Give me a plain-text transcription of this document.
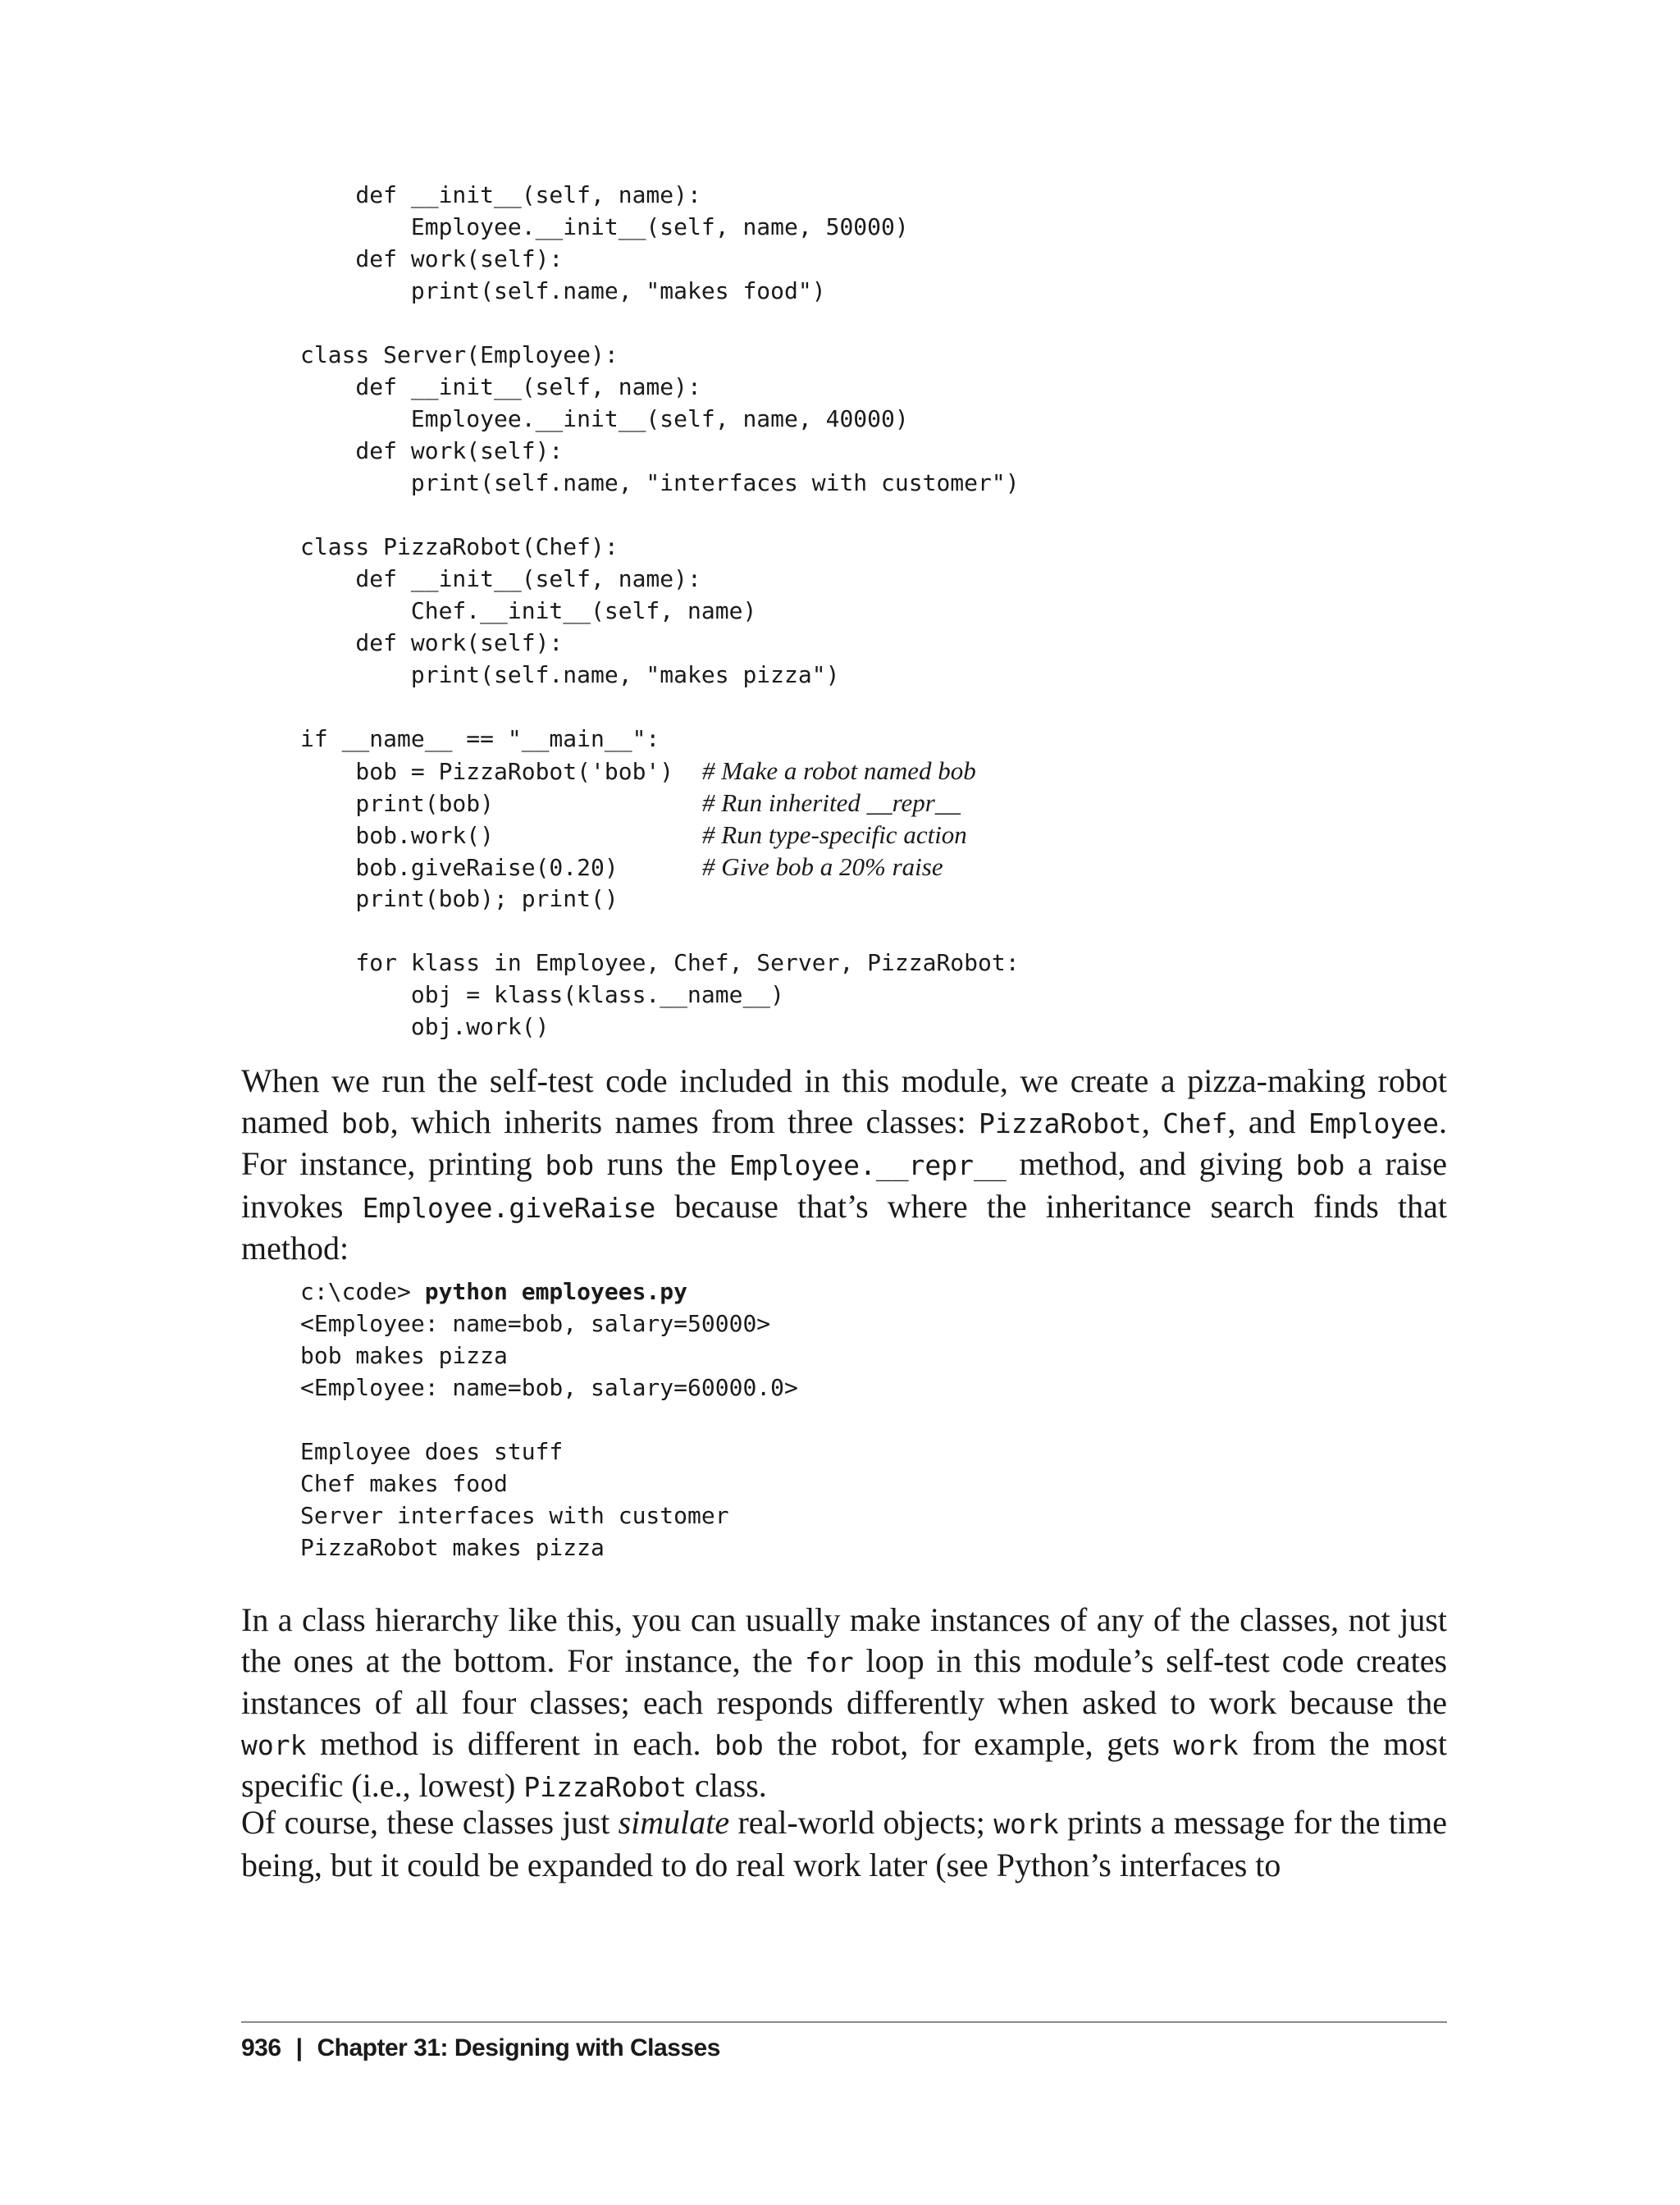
def __init__(self, name):
Employee.__init__(self, name, 50000)
def work(self):
print(self.name, "makes food")
class Server(Employee):
def __init__(self, name):
Employee.__init__(self, name, 40000)
def work(self):
print(self.name, "interfaces with customer")
class PizzaRobot(Chef):
def __init__(self, name):
Chef.__init__(self, name)
def work(self):
print(self.name, "makes pizza")
if __name__ == "__main__":
bob = PizzaRobot('bob') # Make a robot named bob
print(bob)	# Run inherited __repr__
bob.work()	# Run type-specific action
bob.giveRaise(0.20)	# Give bob a 20% raise
print(bob); print()
for klass in Employee, Chef, Server, PizzaRobot:
obj = klass(klass.__name__)
obj.work()

When we run the self-test code included in this module, we create a pizza-making robot named bob, which inherits names from three classes: PizzaRobot, Chef, and Employee. For instance, printing bob runs the Employee.__repr__ method, and giving bob a raise invokes Employee.giveRaise because that’s where the inheritance search finds that method:

c:\code> python employees.py
<Employee: name=bob, salary=50000>
bob makes pizza
<Employee: name=bob, salary=60000.0>
Employee does stuff
Chef makes food
Server interfaces with customer
PizzaRobot makes pizza

In a class hierarchy like this, you can usually make instances of any of the classes, not just the ones at the bottom. For instance, the for loop in this module’s self-test code creates instances of all four classes; each responds differently when asked to work because the work method is different in each. bob the robot, for example, gets work from the most specific (i.e., lowest) PizzaRobot class.

Of course, these classes just simulate real-world objects; work prints a message for the time being, but it could be expanded to do real work later (see Python’s interfaces to

936 | Chapter 31: Designing with Classes
